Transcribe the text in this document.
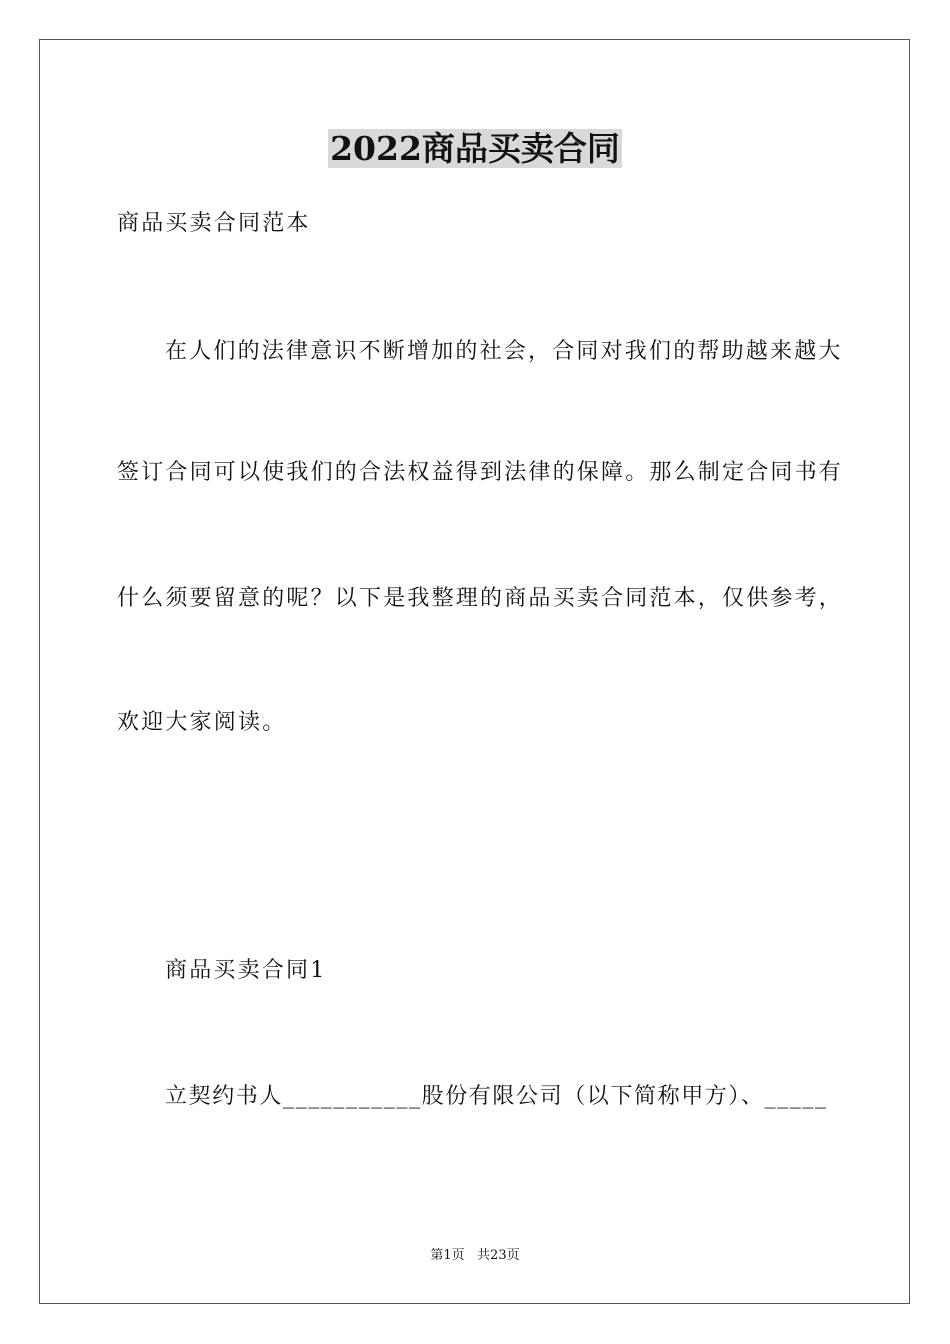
2022商品买卖合同
商品买卖合同范本
在人们的法律意识不断增加的社会，合同对我们的帮助越来越大
签订合同可以使我们的合法权益得到法律的保障。那么制定合同书有
什么须要留意的呢？以下是我整理的商品买卖合同范本，仅供参考，
欢迎大家阅读。
商品买卖合同1
立契约书人___________股份有限公司（以下简称甲方）、_____
第1页   共23页
